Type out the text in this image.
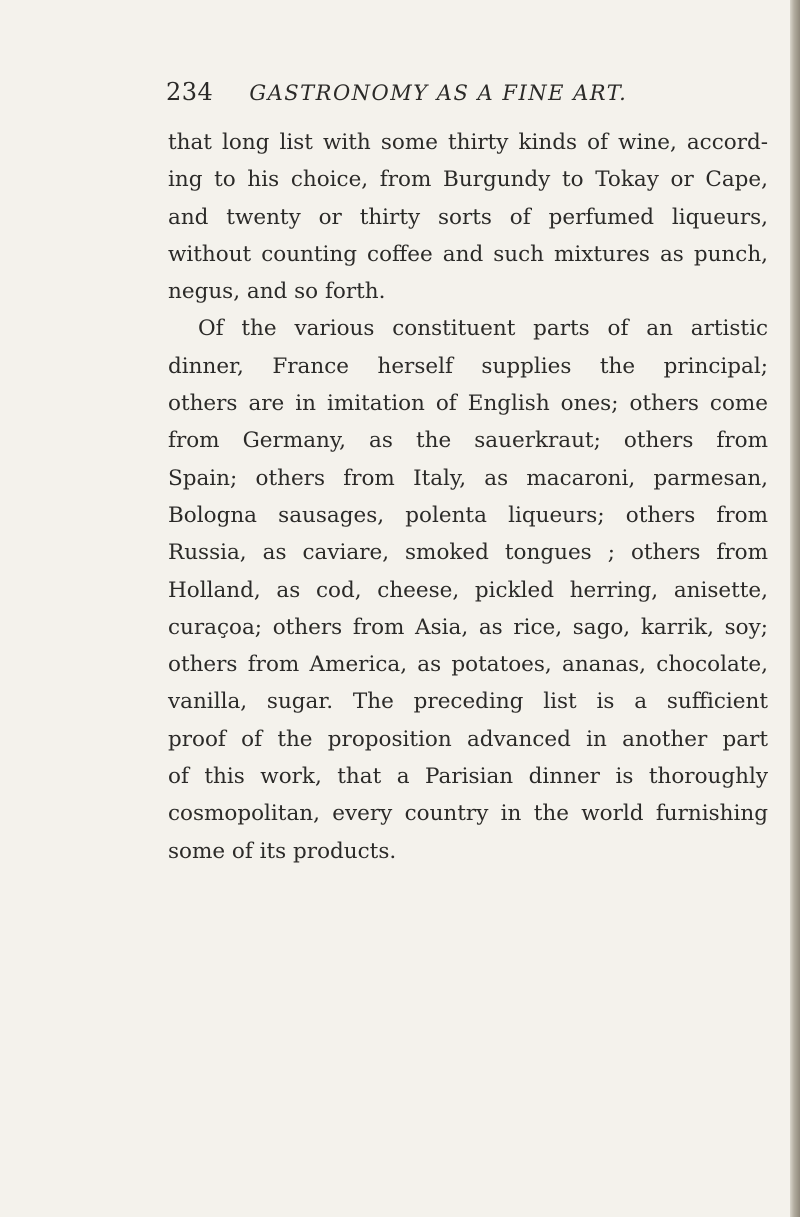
234 GASTRONOMY AS A FINE ART.
that long list with some thirty kinds of wine, accord-
ing to his choice, from Burgundy to Tokay or Cape,
and twenty or thirty sorts of perfumed liqueurs,
without counting coffee and such mixtures as punch,
negus, and so forth.
Of the various constituent parts of an artistic
dinner, France herself supplies the principal;
others are in imitation of English ones; others come
from Germany, as the sauerkraut; others from
Spain; others from Italy, as macaroni, parmesan,
Bologna sausages, polenta liqueurs; others from
Russia, as caviare, smoked tongues ; others from
Holland, as cod, cheese, pickled herring, anisette,
curaçoa; others from Asia, as rice, sago, karrik, soy;
others from America, as potatoes, ananas, chocolate,
vanilla, sugar. The preceding list is a sufficient
proof of the proposition advanced in another part
of this work, that a Parisian dinner is thoroughly
cosmopolitan, every country in the world furnishing
some of its products.
